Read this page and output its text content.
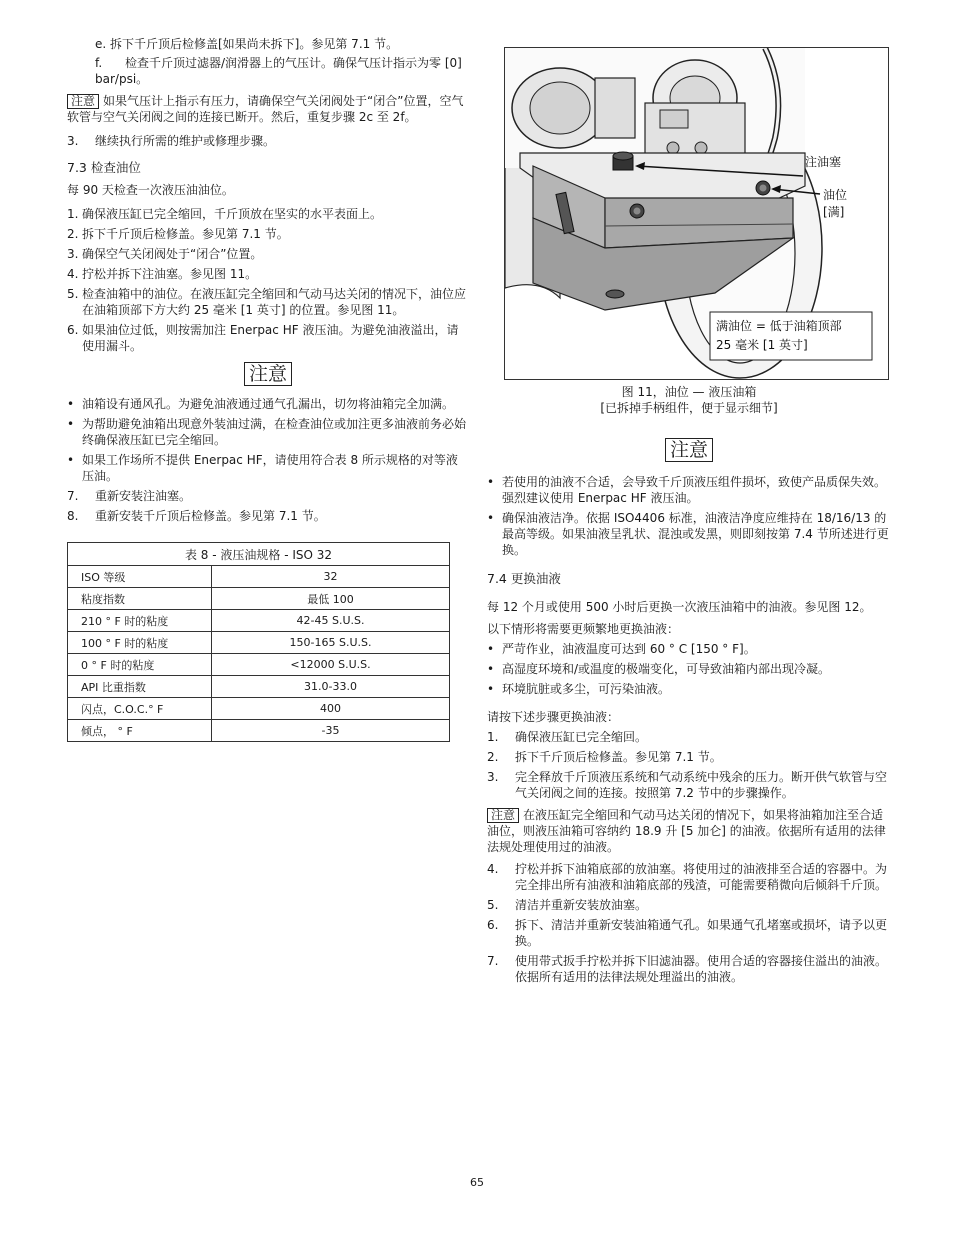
e. 拆下千斤顶后检修盖[如果尚未拆下]。参见第 7.1 节。
f. 检查千斤顶过滤器/润滑器上的气压计。确保气压计指示为零 [0] bar/psi。

注意 如果气压计上指示有压力，请确保空气关闭阀处于“闭合”位置，空气软管与空气关闭阀之间的连接已断开。然后，重复步骤 2c 至 2f。

3. 继续执行所需的维护或修理步骤。

7.3 检查油位

每 90 天检查一次液压油油位。

1. 确保液压缸已完全缩回，千斤顶放在坚实的水平表面上。
2. 拆下千斤顶后检修盖。参见第 7.1 节。
3. 确保空气关闭阀处于“闭合”位置。
4. 拧松并拆下注油塞。参见图 11。
5. 检查油箱中的油位。在液压缸完全缩回和气动马达关闭的情况下，油位应在油箱顶部下方大约 25 毫米 [1 英寸] 的位置。参见图 11。
6. 如果油位过低，则按需加注 Enerpac HF 液压油。为避免油液溢出，请使用漏斗。
注意
• 油箱设有通风孔。为避免油液通过通气孔漏出，切勿将油箱完全加满。
• 为帮助避免油箱出现意外装油过满，在检查油位或加注更多油液前务必始终确保液压缸已完全缩回。
• 如果工作场所不提供 Enerpac HF，请使用符合表 8 所示规格的对等液压油。
7. 重新安装注油塞。
8. 重新安装千斤顶后检修盖。参见第 7.1 节。
表 8 - 液压油规格 - ISO 32	
ISO 等级	32
粘度指数	最低 100
210 ° F 时的粘度	42-45 S.U.S.
100 ° F 时的粘度	150-165 S.U.S.
0 ° F 时的粘度	<12000 S.U.S.
API 比重指数	31.0-33.0
闪点，C.O.C.° F	400
倾点， ° F	-35
注油塞
油位
[满]
满油位 = 低于油箱顶部
25 毫米 [1 英寸]

图 11，油位 — 液压油箱

[已拆掉手柄组件，便于显示细节]

注意
• 若使用的油液不合适，会导致千斤顶液压组件损坏，致使产品质保失效。强烈建议使用 Enerpac HF 液压油。
• 确保油液洁净。依据 ISO4406 标准，油液洁净度应维持在 18/16/13 的最高等级。如果油液呈乳状、混浊或发黑，则即刻按第 7.4 节所述进行更换。

7.4 更换油液

每 12 个月或使用 500 小时后更换一次液压油箱中的油液。参见图 12。

以下情形将需要更频繁地更换油液：

• 严苛作业，油液温度可达到 60 ° C [150 ° F]。
• 高湿度环境和/或温度的极端变化，可导致油箱内部出现冷凝。
• 环境肮脏或多尘，可污染油液。

请按下述步骤更换油液：

1. 确保液压缸已完全缩回。
2. 拆下千斤顶后检修盖。参见第 7.1 节。
3. 完全释放千斤顶液压系统和气动系统中残余的压力。断开供气软管与空气关闭阀之间的连接。按照第 7.2 节中的步骤操作。

注意 在液压缸完全缩回和气动马达关闭的情况下，如果将油箱加注至合适油位，则液压油箱可容纳约 18.9 升 [5 加仑] 的油液。依据所有适用的法律法规处理使用过的油液。

4. 拧松并拆下油箱底部的放油塞。将使用过的油液排至合适的容器中。为完全排出所有油液和油箱底部的残渣，可能需要稍微向后倾斜千斤顶。
5. 清洁并重新安装放油塞。
6. 拆下、清洁并重新安装油箱通气孔。如果通气孔堵塞或损坏，请予以更换。
7. 使用带式扳手拧松并拆下旧滤油器。使用合适的容器接住溢出的油液。依据所有适用的法律法规处理溢出的油液。
65
